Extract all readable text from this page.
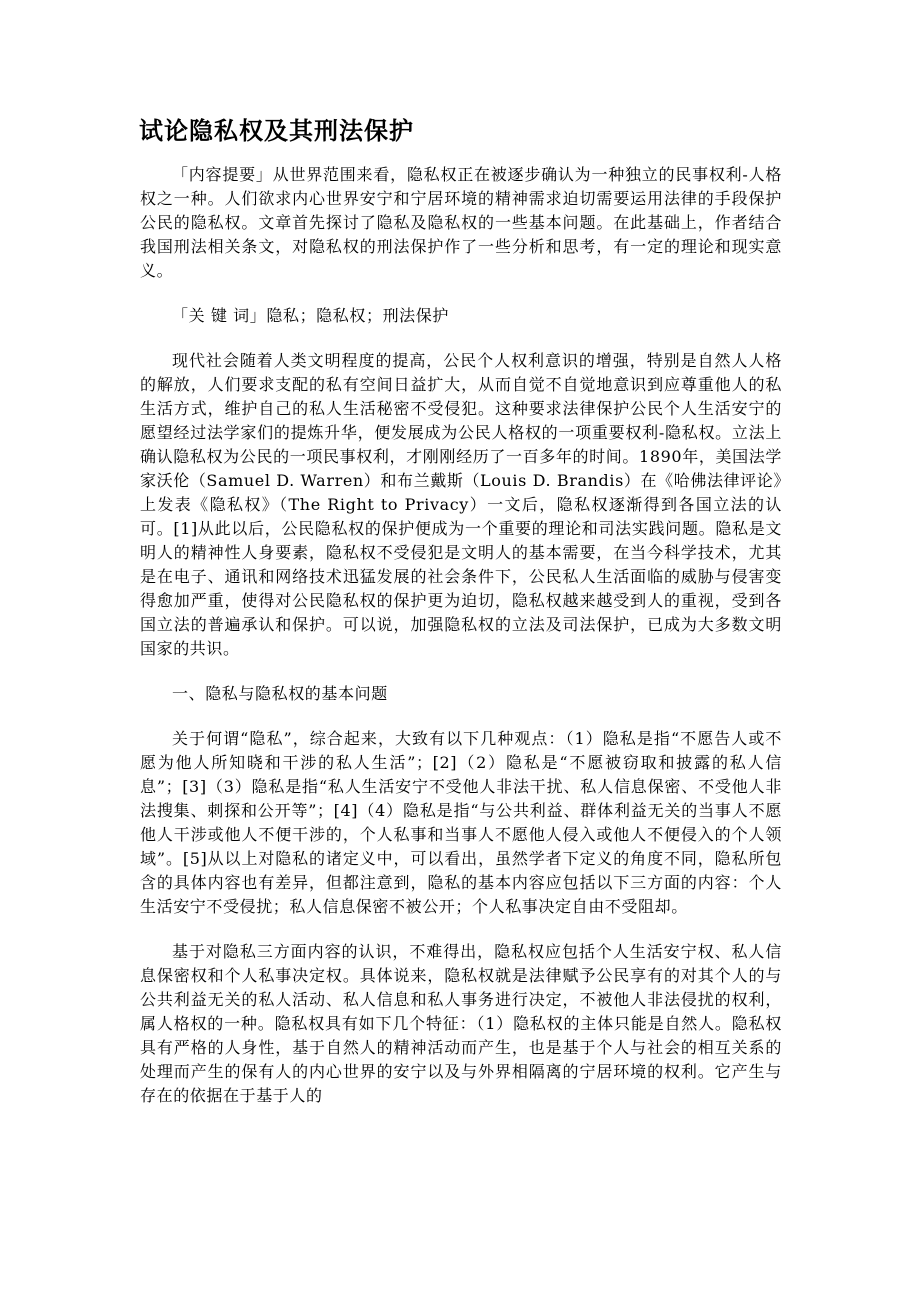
试论隐私权及其刑法保护

「内容提要」从世界范围来看，隐私权正在被逐步确认为一种独立的民事权利-人格权之一种。人们欲求内心世界安宁和宁居环境的精神需求迫切需要运用法律的手段保护公民的隐私权。文章首先探讨了隐私及隐私权的一些基本问题。在此基础上，作者结合我国刑法相关条文，对隐私权的刑法保护作了一些分析和思考，有一定的理论和现实意义。

「关 键 词」隐私；隐私权；刑法保护

现代社会随着人类文明程度的提高，公民个人权利意识的增强，特别是自然人人格的解放，人们要求支配的私有空间日益扩大，从而自觉不自觉地意识到应尊重他人的私生活方式，维护自己的私人生活秘密不受侵犯。这种要求法律保护公民个人生活安宁的愿望经过法学家们的提炼升华，便发展成为公民人格权的一项重要权利-隐私权。立法上确认隐私权为公民的一项民事权利，才刚刚经历了一百多年的时间。1890年，美国法学家沃伦（Samuel D. Warren）和布兰戴斯（Louis D. Brandis）在《哈佛法律评论》上发表《隐私权》（The Right to Privacy）一文后，隐私权逐渐得到各国立法的认可。[1]从此以后，公民隐私权的保护便成为一个重要的理论和司法实践问题。隐私是文明人的精神性人身要素，隐私权不受侵犯是文明人的基本需要，在当今科学技术，尤其是在电子、通讯和网络技术迅猛发展的社会条件下，公民私人生活面临的威胁与侵害变得愈加严重，使得对公民隐私权的保护更为迫切，隐私权越来越受到人的重视，受到各国立法的普遍承认和保护。可以说，加强隐私权的立法及司法保护，已成为大多数文明国家的共识。

一、隐私与隐私权的基本问题

关于何谓“隐私”，综合起来，大致有以下几种观点：（1）隐私是指“不愿告人或不愿为他人所知晓和干涉的私人生活”；[2]（2）隐私是“不愿被窃取和披露的私人信息”；[3]（3）隐私是指“私人生活安宁不受他人非法干扰、私人信息保密、不受他人非法搜集、刺探和公开等”；[4]（4）隐私是指“与公共利益、群体利益无关的当事人不愿他人干涉或他人不便干涉的，个人私事和当事人不愿他人侵入或他人不便侵入的个人领域”。[5]从以上对隐私的诸定义中，可以看出，虽然学者下定义的角度不同，隐私所包含的具体内容也有差异，但都注意到，隐私的基本内容应包括以下三方面的内容：个人生活安宁不受侵扰；私人信息保密不被公开；个人私事决定自由不受阻却。

基于对隐私三方面内容的认识，不难得出，隐私权应包括个人生活安宁权、私人信息保密权和个人私事决定权。具体说来，隐私权就是法律赋予公民享有的对其个人的与公共利益无关的私人活动、私人信息和私人事务进行决定，不被他人非法侵扰的权利，属人格权的一种。隐私权具有如下几个特征：（1）隐私权的主体只能是自然人。隐私权具有严格的人身性，基于自然人的精神活动而产生，也是基于个人与社会的相互关系的处理而产生的保有人的内心世界的安宁以及与外界相隔离的宁居环境的权利。它产生与存在的依据在于基于人的
